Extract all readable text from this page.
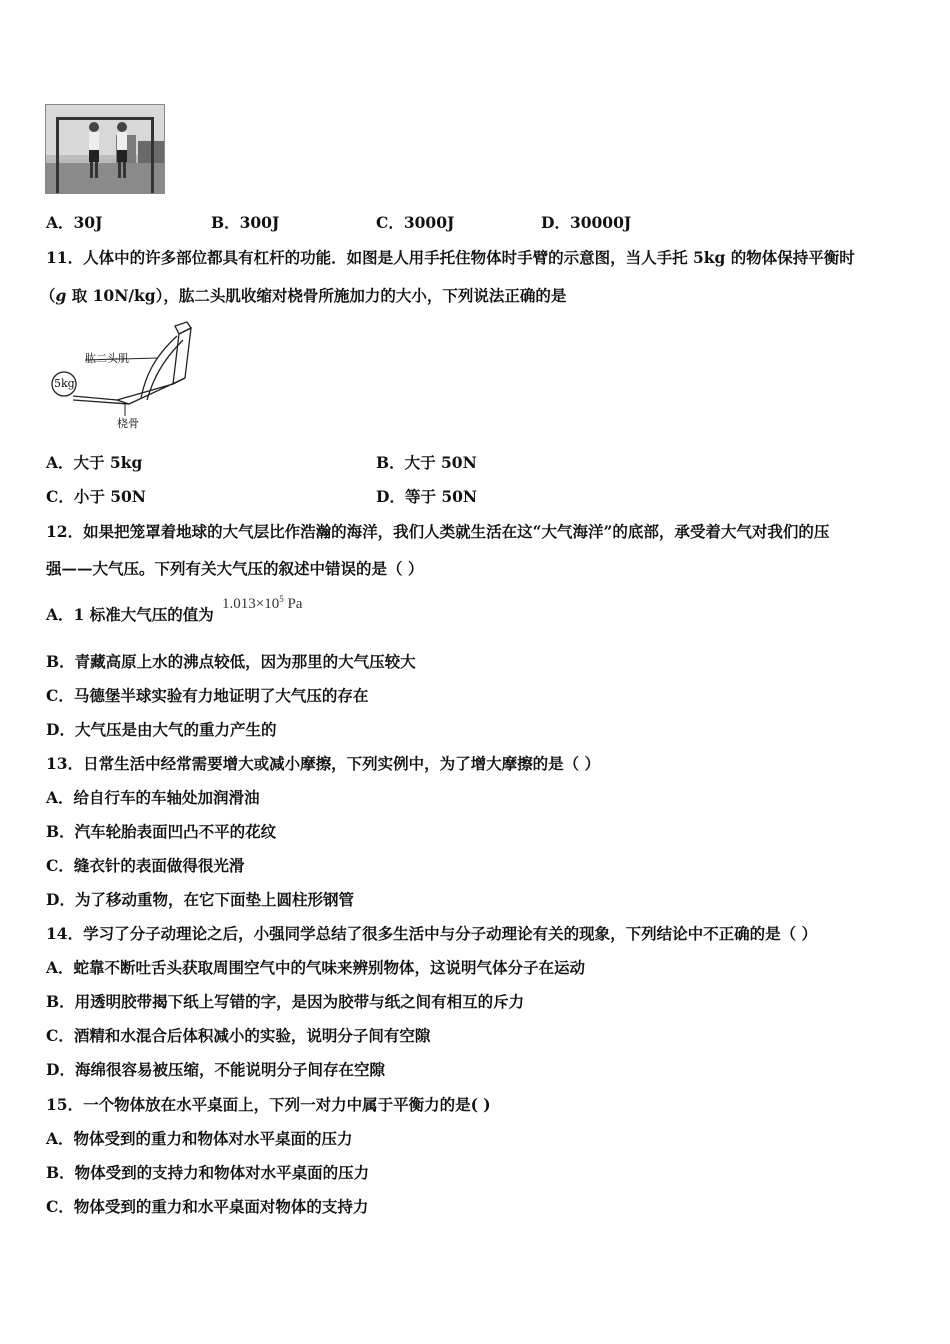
A．30J	B．300J	C．3000J	D．30000J
11．人体中的许多部位都具有杠杆的功能．如图是人用手托住物体时手臂的示意图，当人手托 5kg 的物体保持平衡时
（g 取 10N/kg），肱二头肌收缩对桡骨所施加力的大小，下列说法正确的是
肱二头肌
桡骨
5kg
A．大于 5kg	B．大于 50N
C．小于 50N	D．等于 50N
12．如果把笼罩着地球的大气层比作浩瀚的海洋，我们人类就生活在这“大气海洋”的底部，承受着大气对我们的压
强——大气压。下列有关大气压的叙述中错误的是（ ）
A．1 标准大气压的值为
$1.013\times 10^5$ Pa
B．青藏高原上水的沸点较低，因为那里的大气压较大
C．马德堡半球实验有力地证明了大气压的存在
D．大气压是由大气的重力产生的
13．日常生活中经常需要增大或减小摩擦，下列实例中，为了增大摩擦的是（ ）
A．给自行车的车轴处加润滑油
B．汽车轮胎表面凹凸不平的花纹
C．缝衣针的表面做得很光滑
D．为了移动重物，在它下面垫上圆柱形钢管
14．学习了分子动理论之后，小强同学总结了很多生活中与分子动理论有关的现象，下列结论中不正确的是（ ）
A．蛇靠不断吐舌头获取周围空气中的气味来辨别物体，这说明气体分子在运动
B．用透明胶带揭下纸上写错的字，是因为胶带与纸之间有相互的斥力
C．酒精和水混合后体积减小的实验，说明分子间有空隙
D．海绵很容易被压缩，不能说明分子间存在空隙
15．一个物体放在水平桌面上，下列一对力中属于平衡力的是( )
A．物体受到的重力和物体对水平桌面的压力
B．物体受到的支持力和物体对水平桌面的压力
C．物体受到的重力和水平桌面对物体的支持力
